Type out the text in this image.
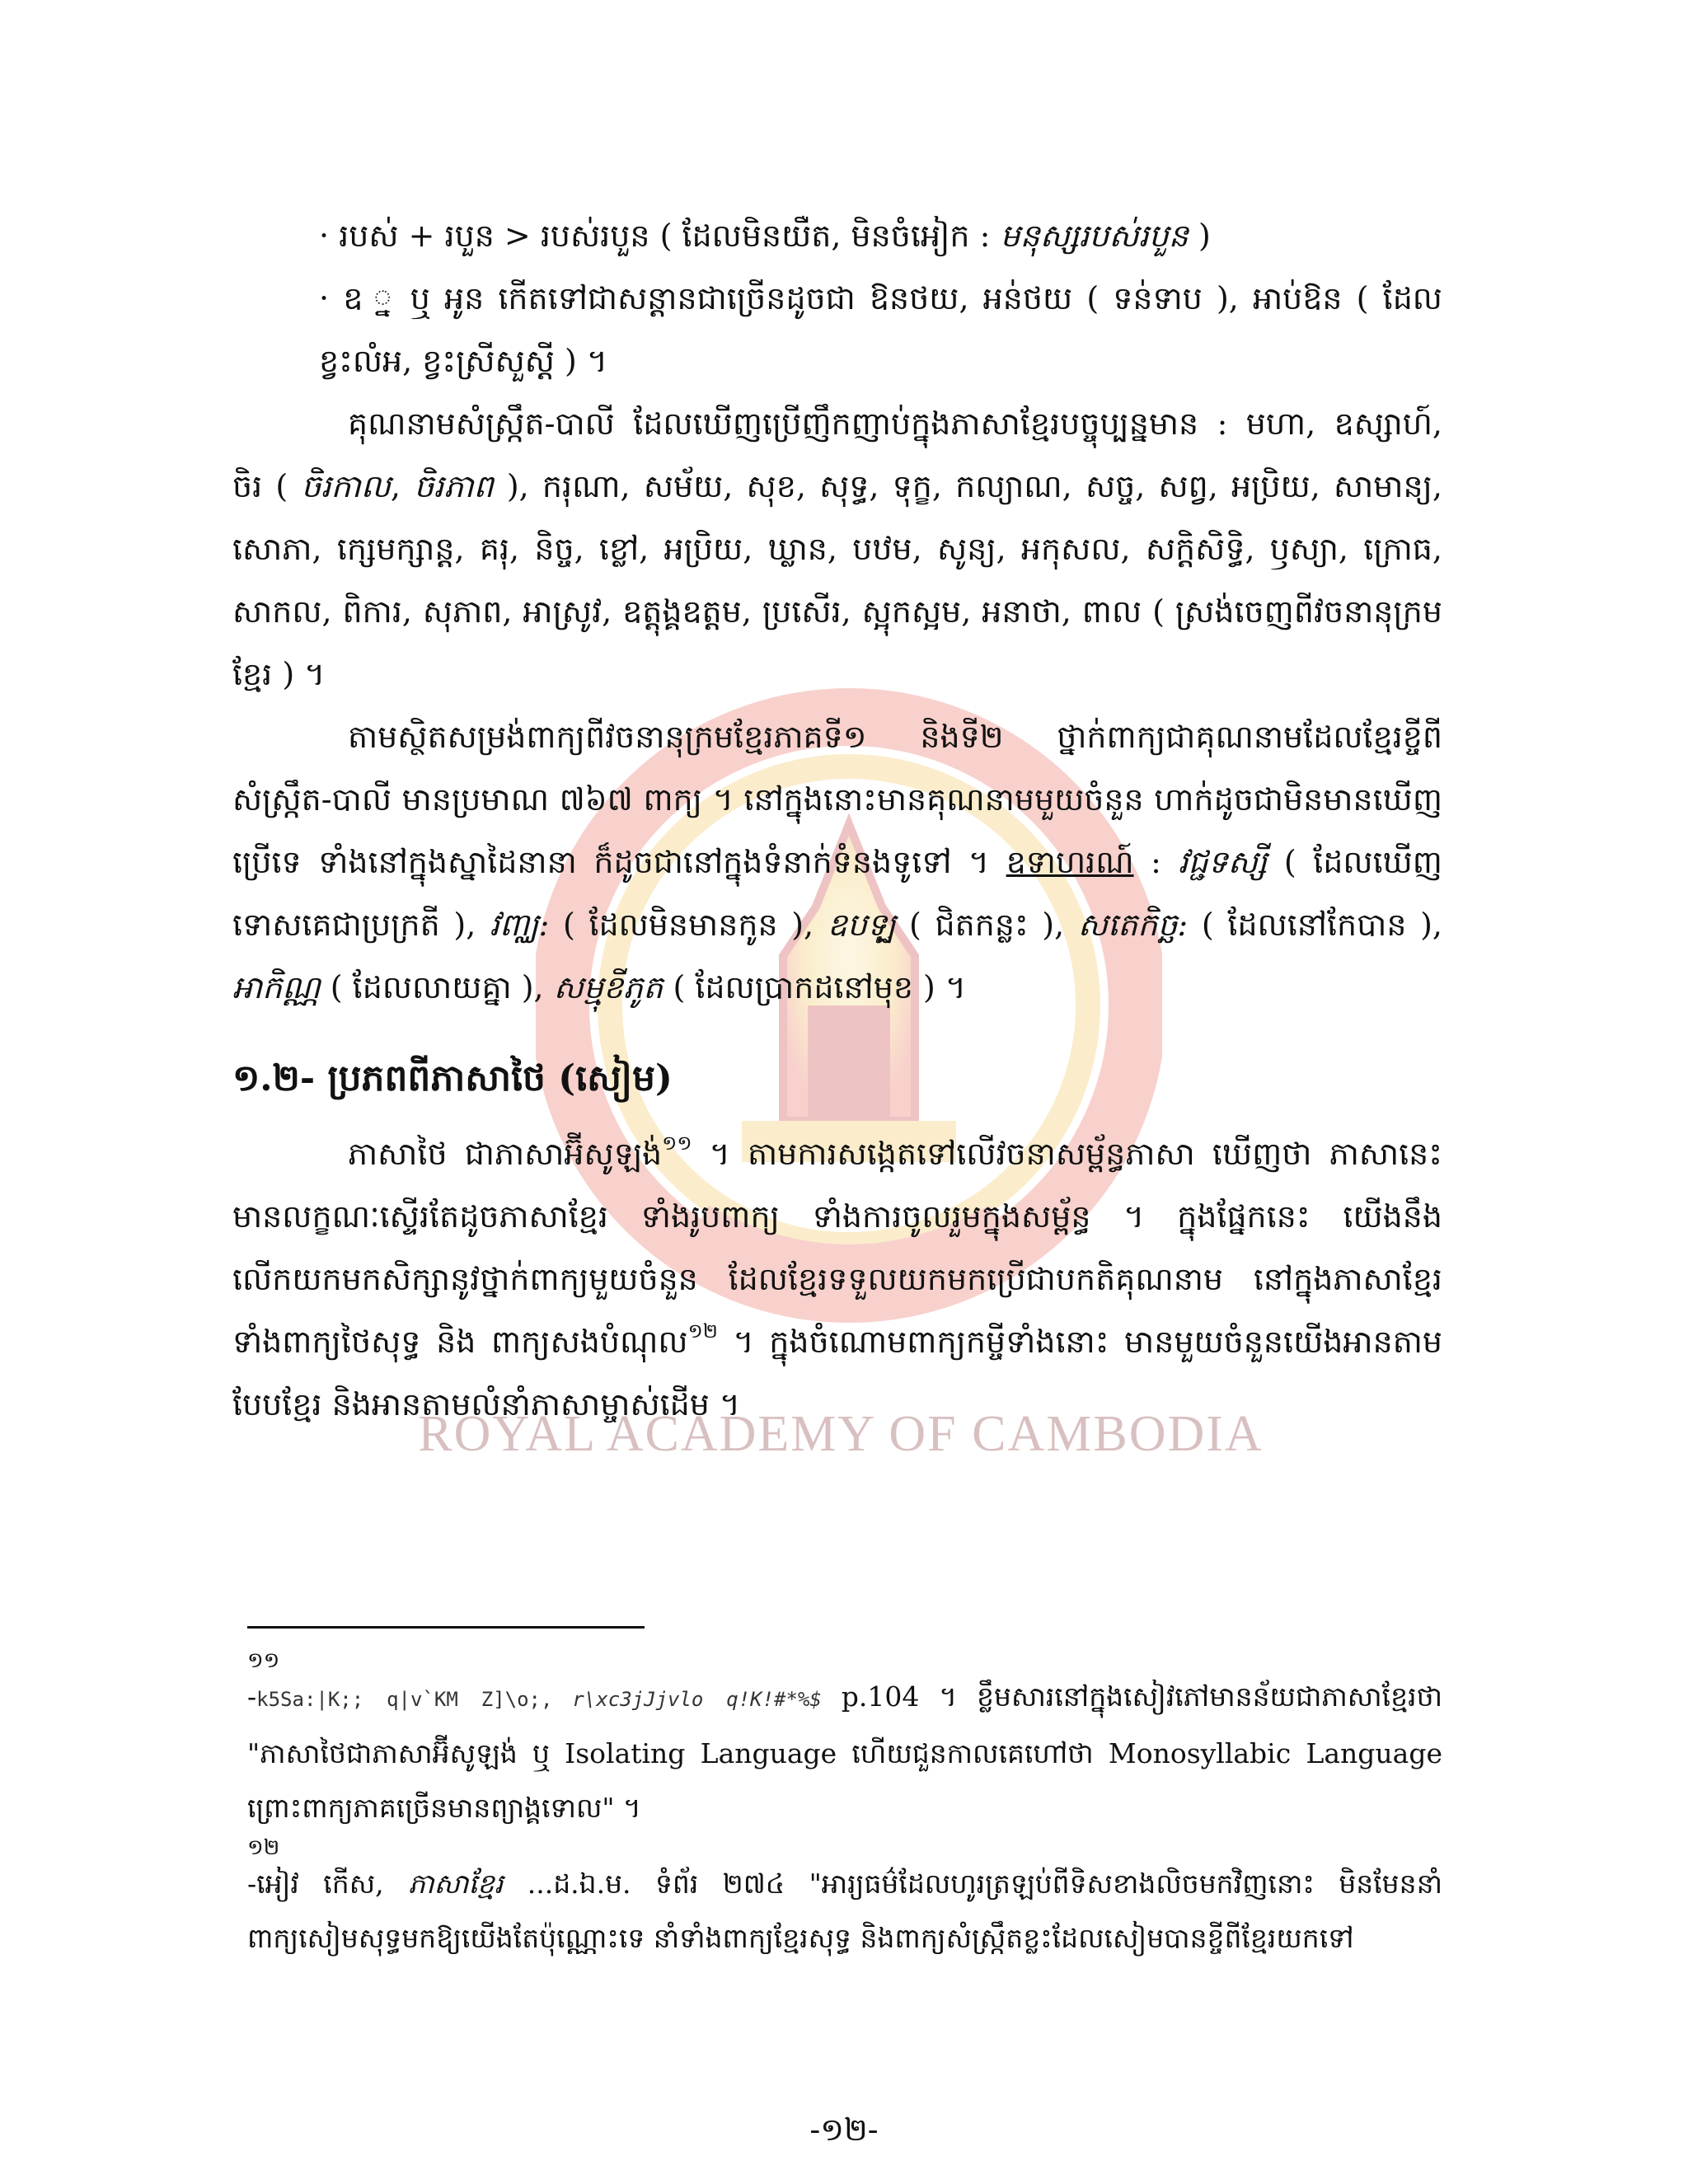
ROYAL ACADEMY OF CAMBODIA

· របស់ + របួន > របស់របួន ( ដែលមិនយឺត, មិនចំអៀក : មនុស្សរបស់របួន )

· ឧ ្ន ឬ អូន កើតទៅជាសន្តានជាច្រើនដូចជា ឱនថយ, អន់ថយ ( ទន់ទាប ), អាប់ឱន ( ដែលខ្វះលំអ, ខ្វះស្រីសួស្តី ) ។

គុណនាមសំស្ក្រឹត-បាលី ដែលឃើញប្រើញឹកញាប់ក្នុងភាសាខ្មែរបច្ចុប្បន្នមាន : មហា, ឧស្សាហ៍, ចិរ ( ចិរកាល, ចិរភាព ), ករុណា, សម័យ, សុខ, សុទ្ធ, ទុក្ខ, កល្យាណ, សច្ច, សព្វ, អប្រិយ, សាមាន្យ, សោភា, ក្សេមក្សាន្ត, គរុ, និច្ច, ខ្លៅ, អប្រិយ, ឃ្លាន, បឋម, សូន្យ, អកុសល, សក្តិសិទ្ធិ, ឫស្យា, ក្រោធ, សាកល, ពិការ, សុភាព, អាស្រូវ, ឧត្តុង្គឧត្តម, ប្រសើរ, ស្អុកស្អម, អនាថា, ពាល ( ស្រង់ចេញពីវចនានុក្រមខ្មែរ ) ។

តាមស្ថិតសម្រង់ពាក្យពីវចនានុក្រមខ្មែរភាគទី១ និងទី២ ថ្នាក់ពាក្យជាគុណនាមដែលខ្មែរខ្ចីពីសំស្ក្រឹត-បាលី មានប្រមាណ ៧៦៧ ពាក្យ ។ នៅក្នុងនោះមានគុណនាមមួយចំនួន ហាក់ដូចជាមិនមានឃើញប្រើទេ ទាំងនៅក្នុងស្នាដៃនានា ក៏ដូចជានៅក្នុងទំនាក់ទំនងទូទៅ ។ ឧទាហរណ៍ : វជ្ជទស្សី ( ដែលឃើញទោសគេជាប្រក្រតី ), វញ្ឈ: ( ដែលមិនមានកូន ), ឧបឡ្ឆ ( ជិតកន្លះ ), សតេកិច្ឆ: ( ដែលនៅកែបាន ), អាកិណ្ណ ( ដែលលាយគ្នា ), សម្មុខីភូត ( ដែលប្រាកដនៅមុខ ) ។

១.២- ប្រភពពីភាសាថៃ (សៀម)

ភាសាថៃ ជាភាសាអ៊ីសូឡង់$^{១១}$ ។ តាមការសង្កេតទៅលើវចនាសម្ព័ន្ធភាសា ឃើញថា ភាសានេះមានលក្ខណៈស្ទើរតែដូចភាសាខ្មែរ ទាំងរូបពាក្យ ទាំងការចូលរួមក្នុងសម្ព័ន្ធ ។ ក្នុងផ្នែកនេះ យើងនឹងលើកយកមកសិក្សានូវថ្នាក់ពាក្យមួយចំនួន ដែលខ្មែរទទួលយកមកប្រើជាបកតិគុណនាម នៅក្នុងភាសាខ្មែរ ទាំងពាក្យថៃសុទ្ធ និង ពាក្យសងបំណុល$^{១២}$ ។ ក្នុងចំណោមពាក្យកម្ចីទាំងនោះ មានមួយចំនួនយើងអានតាមបែបខ្មែរ និងអានតាមលំនាំភាសាម្ចាស់ដើម ។

១១

-k5Sa:|K;; q|v`KM Z]\o;, r\xc3jJjvlo q!K!#*%$ p.104 ។ ខ្លឹមសារនៅក្នុងសៀវភៅមានន័យជាភាសាខ្មែរថា "ភាសាថៃជាភាសាអ៊ីសូឡង់ ឬ Isolating Language ហើយជួនកាលគេហៅថា Monosyllabic Language ព្រោះពាក្យភាគច្រើនមានព្យាង្គទោល" ។

១២

-អៀវ កើស, ភាសាខ្មែរ ...ដ.ឯ.ម. ទំព័រ ២៧៤ "អារ្យធម៌ដែលហូរត្រឡប់ពីទិសខាងលិចមកវិញនោះ មិនមែននាំពាក្យសៀមសុទ្ធមកឱ្យយើងតែប៉ុណ្ណោះទេ នាំទាំងពាក្យខ្មែរសុទ្ធ និងពាក្យសំស្ក្រឹតខ្លះដែលសៀមបានខ្ចីពីខ្មែរយកទៅ

-១២-
